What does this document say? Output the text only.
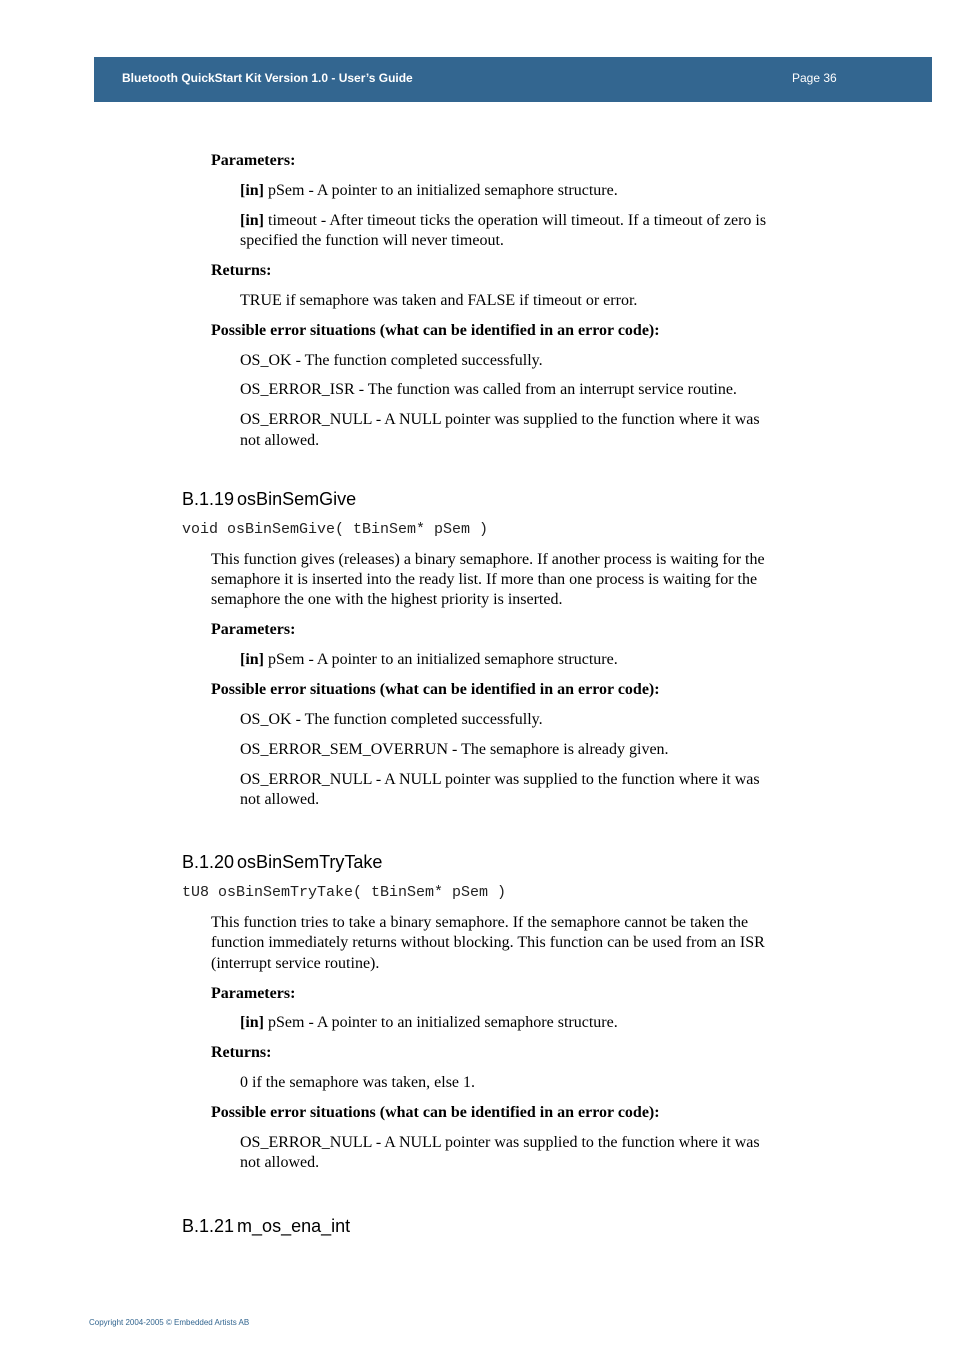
Bluetooth QuickStart Kit Version 1.0 - User’s Guide	Page 36
Parameters:
[in] pSem - A pointer to an initialized semaphore structure.
[in] timeout - After timeout ticks the operation will timeout. If a timeout of zero is
specified the function will never timeout.
Returns:
TRUE if semaphore was taken and FALSE if timeout or error.
Possible error situations (what can be identified in an error code):
OS_OK - The function completed successfully.
OS_ERROR_ISR - The function was called from an interrupt service routine.
OS_ERROR_NULL - A NULL pointer was supplied to the function where it was
not allowed.
B.1.19 osBinSemGive
void osBinSemGive( tBinSem* pSem )
This function gives (releases) a binary semaphore. If another process is waiting for the
semaphore it is inserted into the ready list. If more than one process is waiting for the
semaphore the one with the highest priority is inserted.
Parameters:
[in] pSem - A pointer to an initialized semaphore structure.
Possible error situations (what can be identified in an error code):
OS_OK - The function completed successfully.
OS_ERROR_SEM_OVERRUN - The semaphore is already given.
OS_ERROR_NULL - A NULL pointer was supplied to the function where it was
not allowed.
B.1.20 osBinSemTryTake
tU8 osBinSemTryTake( tBinSem* pSem )
This function tries to take a binary semaphore. If the semaphore cannot be taken the
function immediately returns without blocking. This function can be used from an ISR
(interrupt service routine).
Parameters:
[in] pSem - A pointer to an initialized semaphore structure.
Returns:
0 if the semaphore was taken, else 1.
Possible error situations (what can be identified in an error code):
OS_ERROR_NULL - A NULL pointer was supplied to the function where it was
not allowed.
B.1.21 m_os_ena_int
Copyright 2004-2005 © Embedded Artists AB
